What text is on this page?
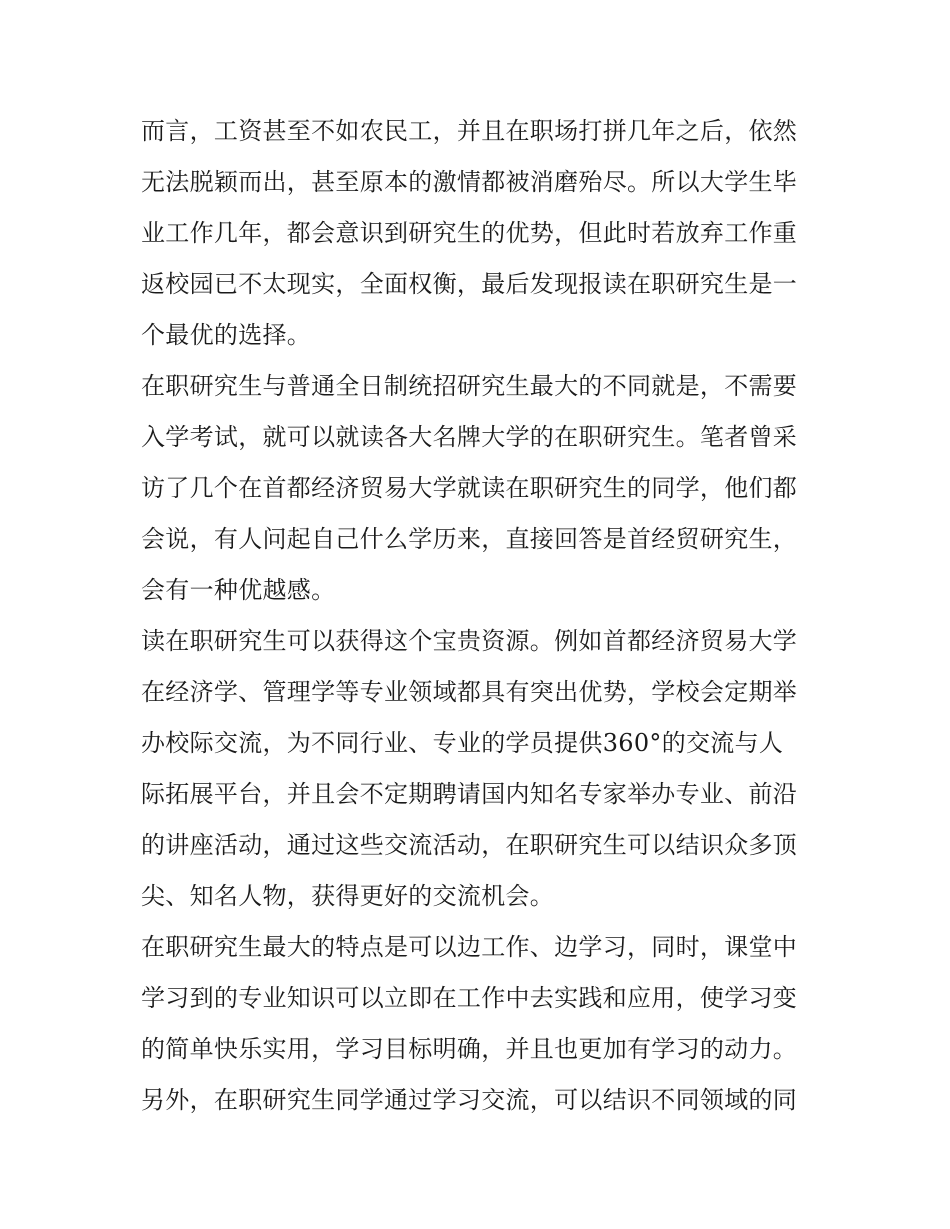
而言，工资甚至不如农民工，并且在职场打拼几年之后，依然
无法脱颖而出，甚至原本的激情都被消磨殆尽。所以大学生毕
业工作几年，都会意识到研究生的优势，但此时若放弃工作重
返校园已不太现实，全面权衡，最后发现报读在职研究生是一
个最优的选择。
在职研究生与普通全日制统招研究生最大的不同就是，不需要
入学考试，就可以就读各大名牌大学的在职研究生。笔者曾采
访了几个在首都经济贸易大学就读在职研究生的同学，他们都
会说，有人问起自己什么学历来，直接回答是首经贸研究生，
会有一种优越感。
读在职研究生可以获得这个宝贵资源。例如首都经济贸易大学
在经济学、管理学等专业领域都具有突出优势，学校会定期举
办校际交流，为不同行业、专业的学员提供360°的交流与人
际拓展平台，并且会不定期聘请国内知名专家举办专业、前沿
的讲座活动，通过这些交流活动，在职研究生可以结识众多顶
尖、知名人物，获得更好的交流机会。
在职研究生最大的特点是可以边工作、边学习，同时，课堂中
学习到的专业知识可以立即在工作中去实践和应用，使学习变
的简单快乐实用，学习目标明确，并且也更加有学习的动力。
另外，在职研究生同学通过学习交流，可以结识不同领域的同
